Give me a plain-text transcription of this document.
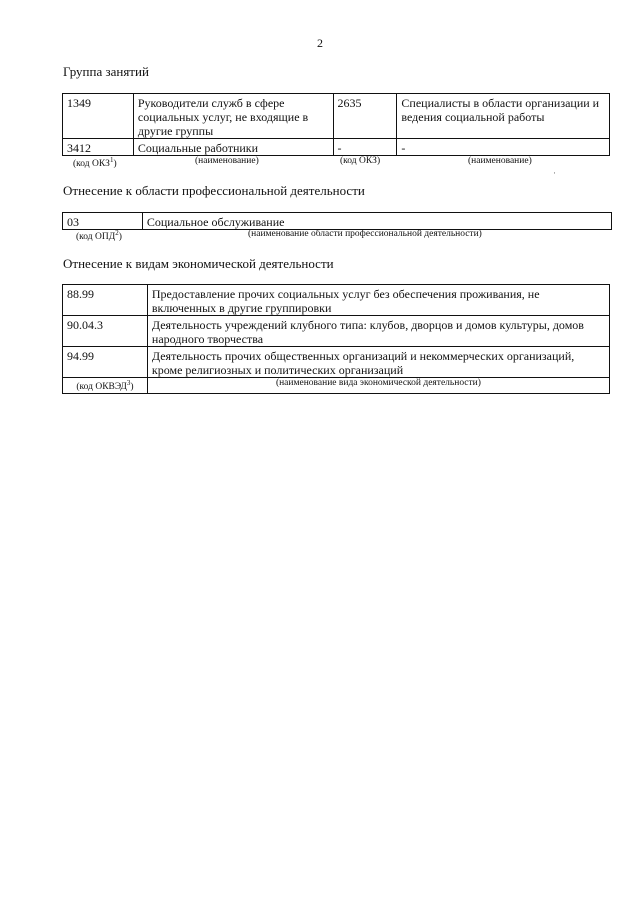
2
Группа занятий
1349	Руководители служб в сфере социальных услуг, не входящие в другие группы	2635	Специалисты в области организации и ведения социальной работы
3412	Социальные работники	-	-
(код ОКЗ$^1$)	(наименование)	(код ОКЗ)	(наименование)
·
Отнесение к области профессиональной деятельности
03	Социальное обслуживание
(код ОПД$^2$)	(наименование области профессиональной деятельности)
Отнесение к видам экономической деятельности
88.99	Предоставление прочих социальных услуг без обеспечения проживания, не включенных в другие группировки
90.04.3	Деятельность учреждений клубного типа: клубов, дворцов и домов культуры, домов народного творчества
94.99	Деятельность прочих общественных организаций и некоммерческих организаций, кроме религиозных и политических организаций
(код ОКВЭД$^3$)	(наименование вида экономической деятельности)
